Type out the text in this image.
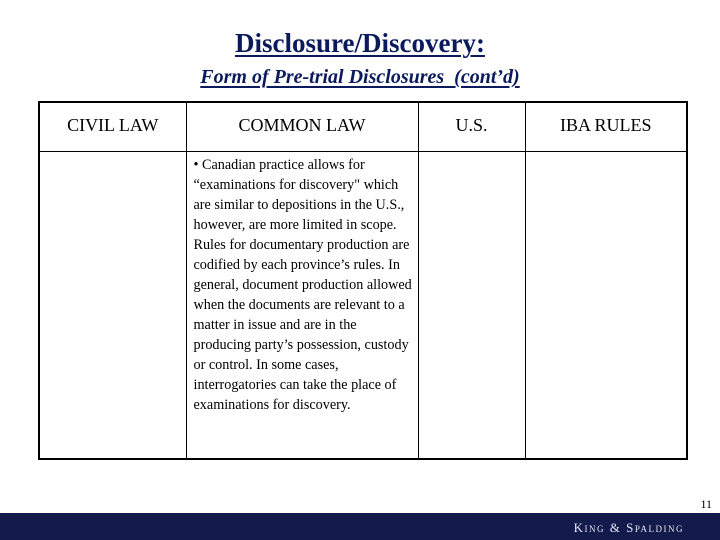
Disclosure/Discovery:
Form of Pre-trial Disclosures  (cont’d)
CIVIL LAW	COMMON LAW	U.S.	IBA RULES

	• Canadian practice allows for “examinations for discovery" which are similar to depositions in the U.S., however, are more limited in scope. Rules for documentary production are codified by each province’s rules. In general, document production allowed when the documents are relevant to a matter in issue and are in the producing party’s possession, custody or control. In some cases, interrogatories can take the place of examinations for discovery.		

11
King & Spalding
